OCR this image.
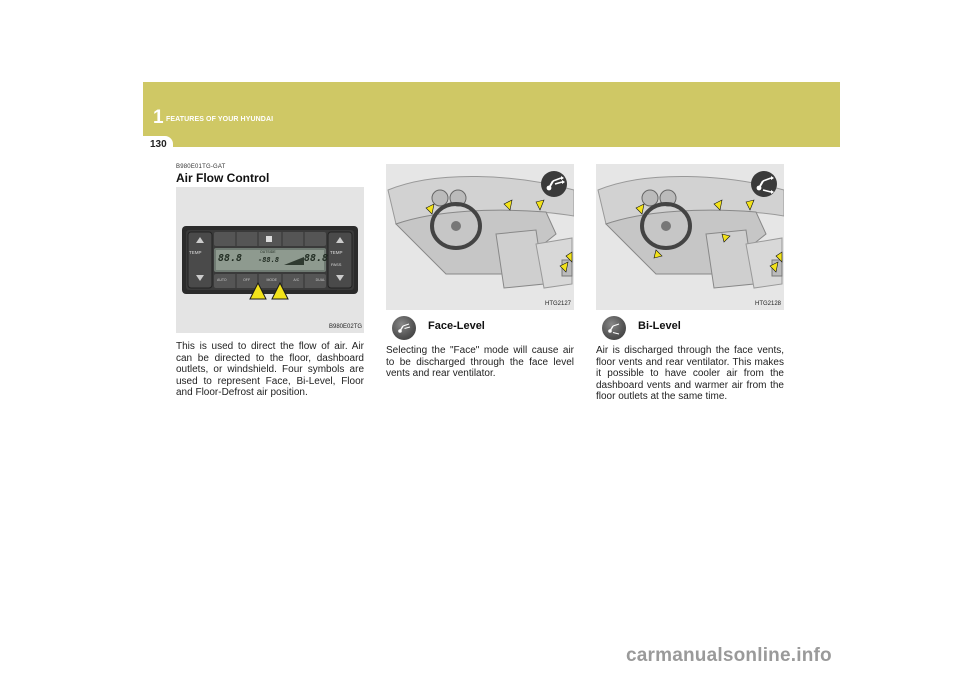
1 FEATURES OF YOUR HYUNDAI
130
B980E01TG-GAT
Air Flow Control
TEMP	TEMP
PASS
88.8 -88.8
OUTSIDE
88.8
AUTO	OFF	MODE	A/C	DUAL
B980E02TG
This is used to direct the flow of air. Air can be directed to the floor, dashboard outlets, or windshield. Four symbols are used to represent Face, Bi-Level, Floor and Floor-Defrost air position.
HTG2127
Face-Level
Selecting the "Face" mode will cause air to be discharged through the face level vents and rear ventilator.
HTG2128
Bi-Level
Air is discharged through the face vents, floor vents and rear ventilator. This makes it possible to have cooler air from the dashboard vents and warmer air from the floor outlets at the same time.
carmanualsonline.info
